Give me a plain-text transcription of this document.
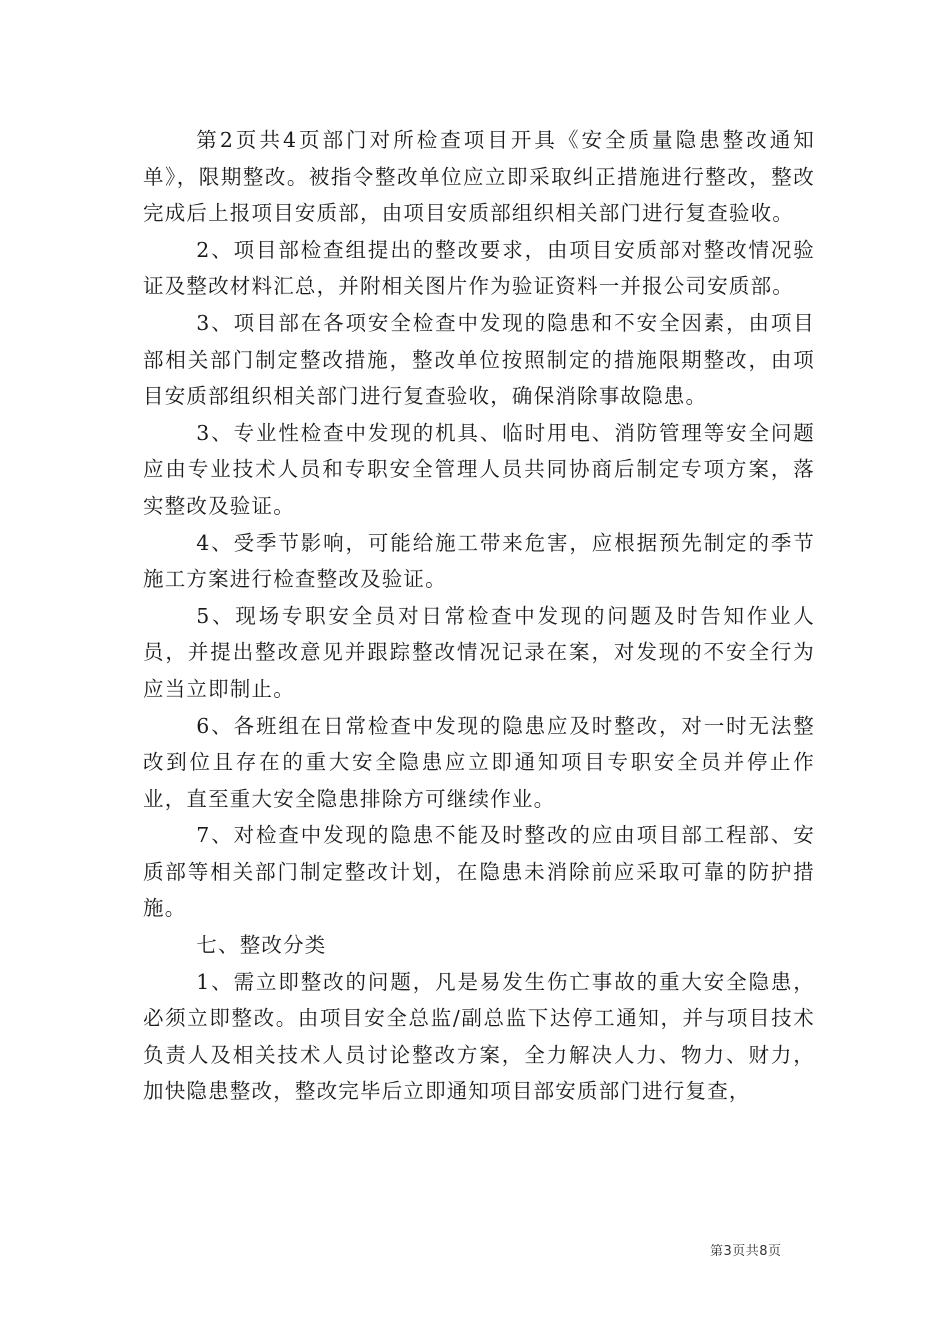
第2页共4页部门对所检查项目开具《安全质量隐患整改通知单》，限期整改。被指令整改单位应立即采取纠正措施进行整改，整改完成后上报项目安质部，由项目安质部组织相关部门进行复查验收。

2、项目部检查组提出的整改要求，由项目安质部对整改情况验证及整改材料汇总，并附相关图片作为验证资料一并报公司安质部。

3、项目部在各项安全检查中发现的隐患和不安全因素，由项目部相关部门制定整改措施，整改单位按照制定的措施限期整改，由项目安质部组织相关部门进行复查验收，确保消除事故隐患。

3、专业性检查中发现的机具、临时用电、消防管理等安全问题应由专业技术人员和专职安全管理人员共同协商后制定专项方案，落实整改及验证。

4、受季节影响，可能给施工带来危害，应根据预先制定的季节施工方案进行检查整改及验证。

5、现场专职安全员对日常检查中发现的问题及时告知作业人员，并提出整改意见并跟踪整改情况记录在案，对发现的不安全行为应当立即制止。

6、各班组在日常检查中发现的隐患应及时整改，对一时无法整改到位且存在的重大安全隐患应立即通知项目专职安全员并停止作业，直至重大安全隐患排除方可继续作业。

7、对检查中发现的隐患不能及时整改的应由项目部工程部、安质部等相关部门制定整改计划，在隐患未消除前应采取可靠的防护措施。

七、整改分类

1、需立即整改的问题，凡是易发生伤亡事故的重大安全隐患，必须立即整改。由项目安全总监/副总监下达停工通知，并与项目技术负责人及相关技术人员讨论整改方案，全力解决人力、物力、财力，加快隐患整改，整改完毕后立即通知项目部安质部门进行复查，

第3页共8页
